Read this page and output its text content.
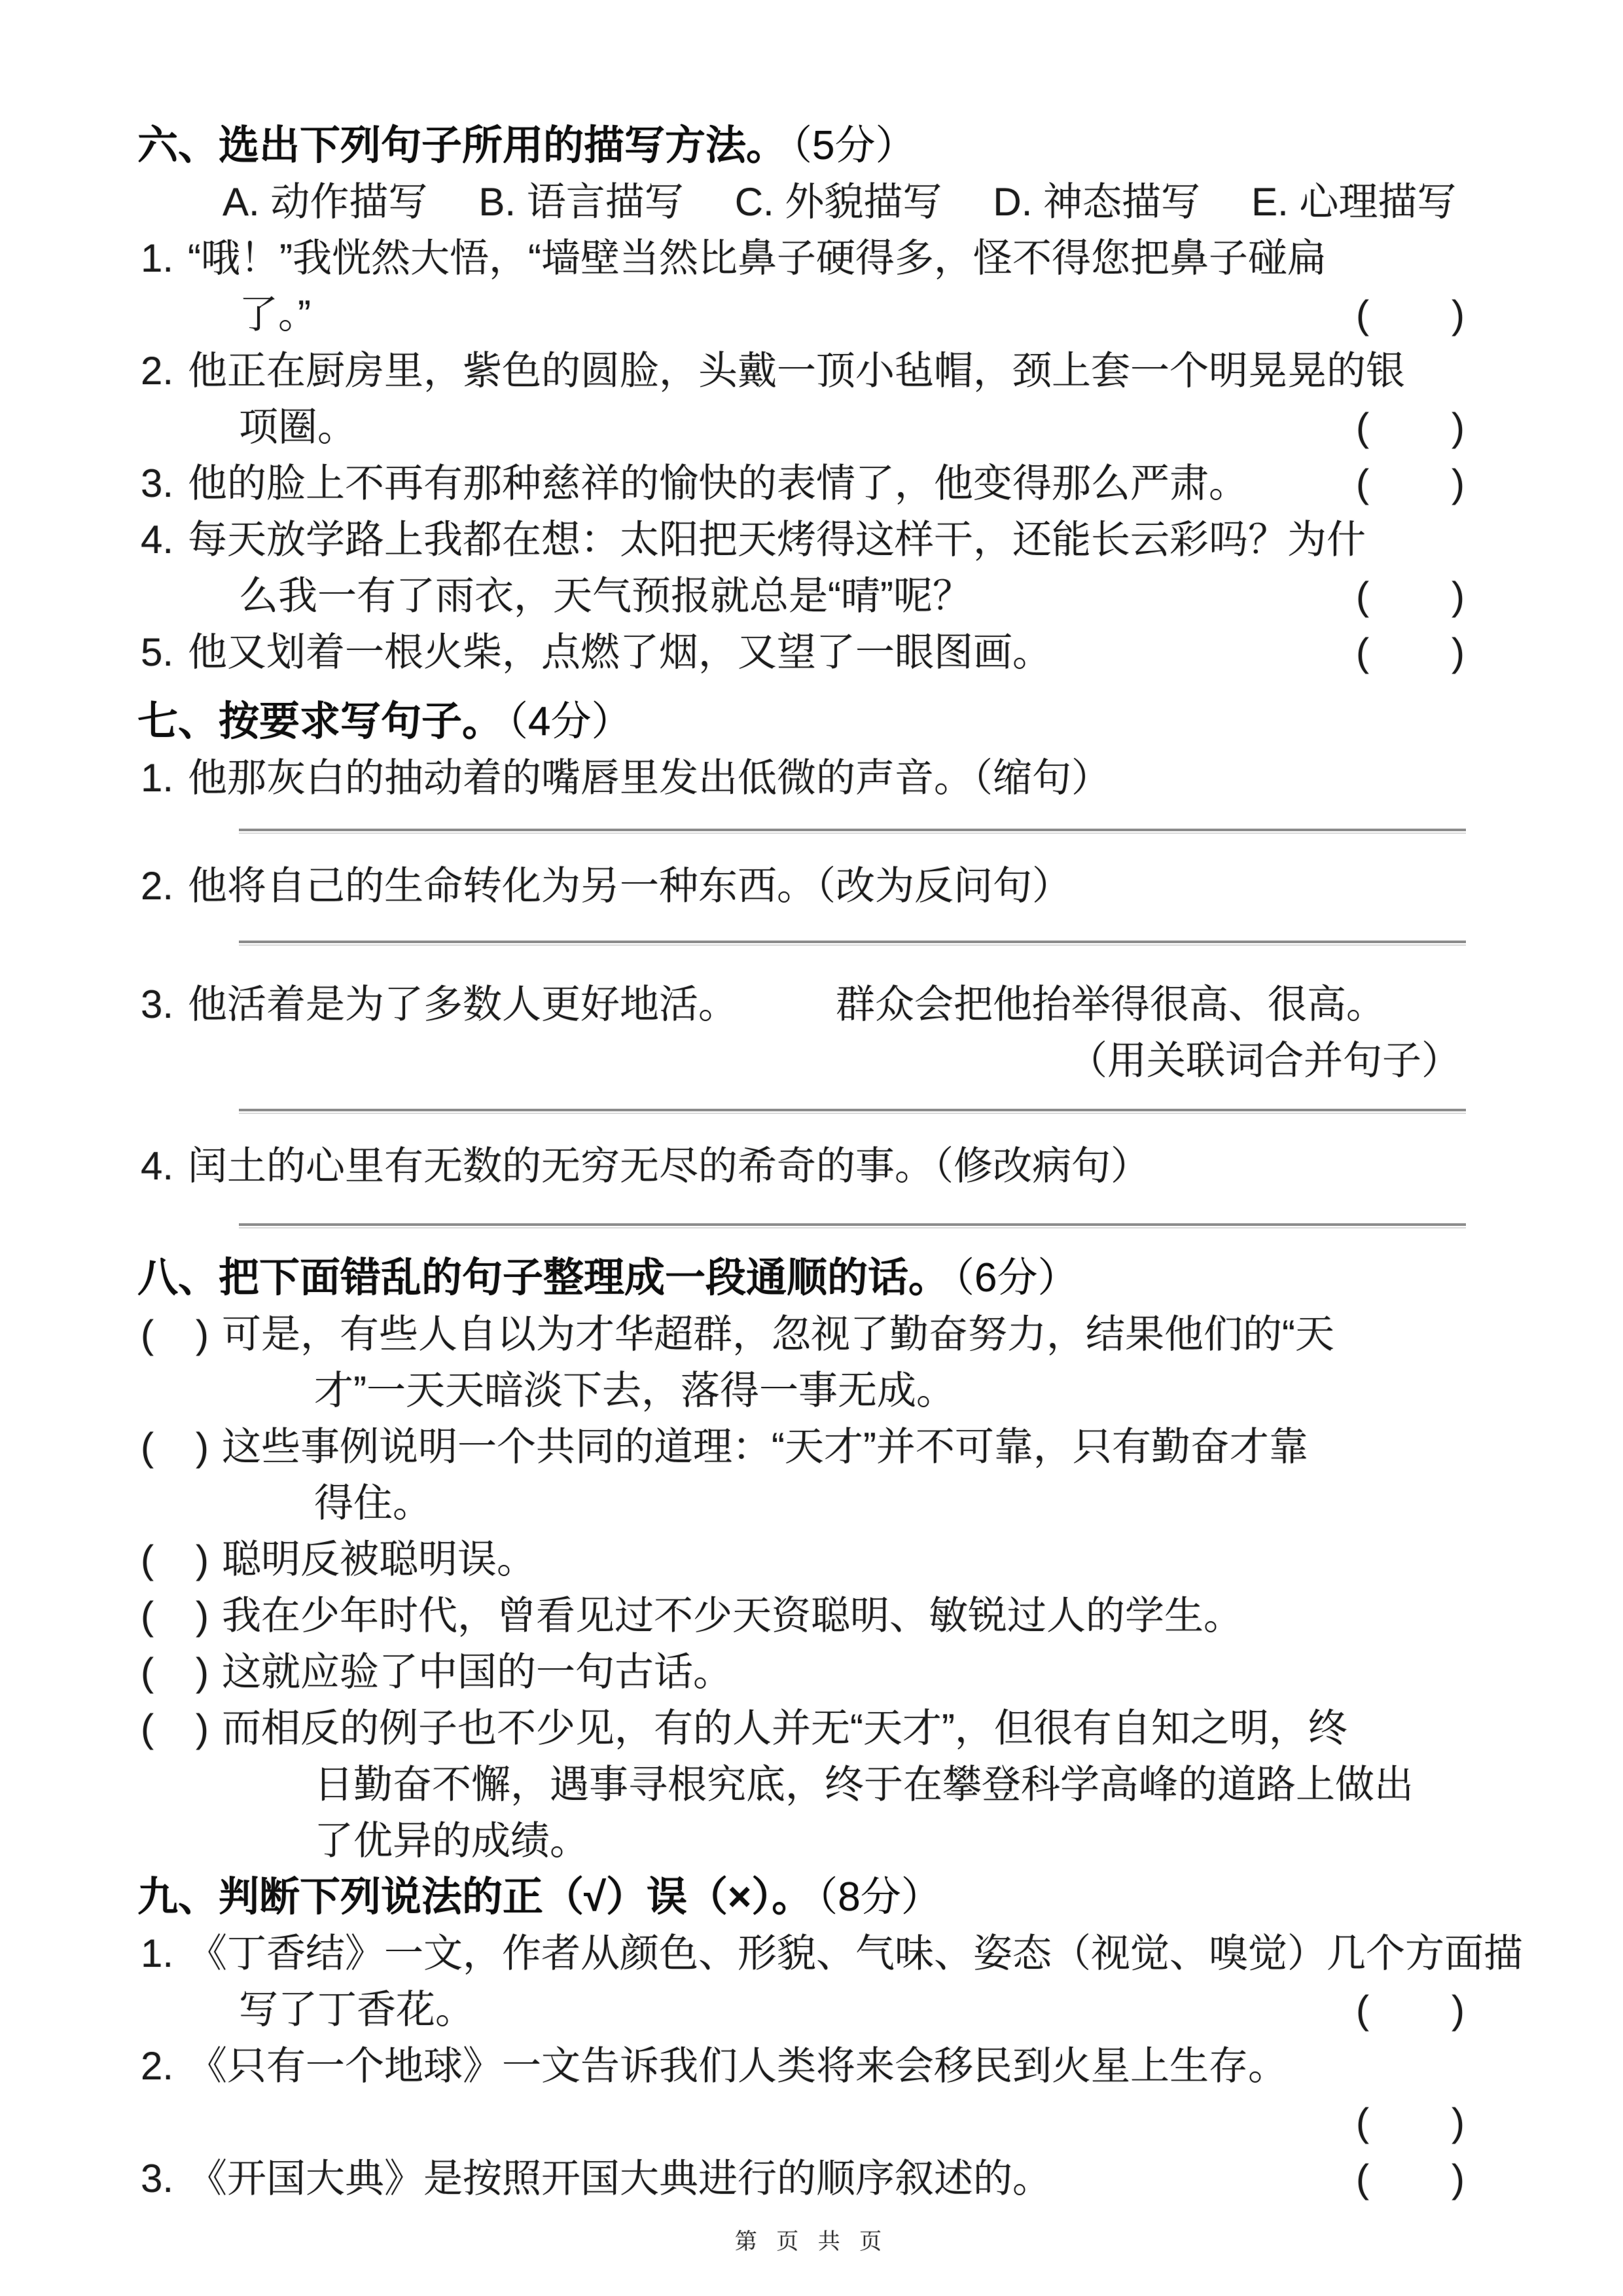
六、选出下列句子所用的描写方法。 （5分）

A. 动作描写 B. 语言描写 C. 外貌描写 D. 神态描写 E. 心理描写

1. “哦！”我恍然大悟，“墙壁当然比鼻子硬得多，怪不得您把鼻子碰扁
了。”	(　　)

2. 他正在厨房里，紫色的圆脸，头戴一顶小毡帽，颈上套一个明晃晃的银
项圈。	(　　)

3. 他的脸上不再有那种慈祥的愉快的表情了，他变得那么严肃。	(　　)

4. 每天放学路上我都在想：太阳把天烤得这样干，还能长云彩吗？为什
么我一有了雨衣，天气预报就总是“晴”呢？	(　　)

5. 他又划着一根火柴，点燃了烟，又望了一眼图画。	(　　)

七、按要求写句子。 （4分）

1. 他那灰白的抽动着的嘴唇里发出低微的声音。（缩句）

2. 他将自己的生命转化为另一种东西。（改为反问句）

3. 他活着是为了多数人更好地活。	群众会把他抬举得很高、很高。
（用关联词合并句子）

4. 闰土的心里有无数的无穷无尽的希奇的事。（修改病句）

八、把下面错乱的句子整理成一段通顺的话。 （6分）

(　) 可是，有些人自以为才华超群，忽视了勤奋努力，结果他们的“天
才”一天天暗淡下去，落得一事无成。

(　) 这些事例说明一个共同的道理：“天才”并不可靠，只有勤奋才靠
得住。

(　) 聪明反被聪明误。

(　) 我在少年时代，曾看见过不少天资聪明、敏锐过人的学生。

(　) 这就应验了中国的一句古话。

(　) 而相反的例子也不少见，有的人并无“天才”，但很有自知之明，终
日勤奋不懈，遇事寻根究底，终于在攀登科学高峰的道路上做出
了优异的成绩。

九、判断下列说法的正（√）误（×）。 （8分）

1. 《丁香结》一文，作者从颜色、形貌、气味、姿态（视觉、嗅觉）几个方面描
写了丁香花。	(　　)

2. 《只有一个地球》一文告诉我们人类将来会移民到火星上生存。
(　　)

3. 《开国大典》是按照开国大典进行的顺序叙述的。	(　　)

第 页 共 页
